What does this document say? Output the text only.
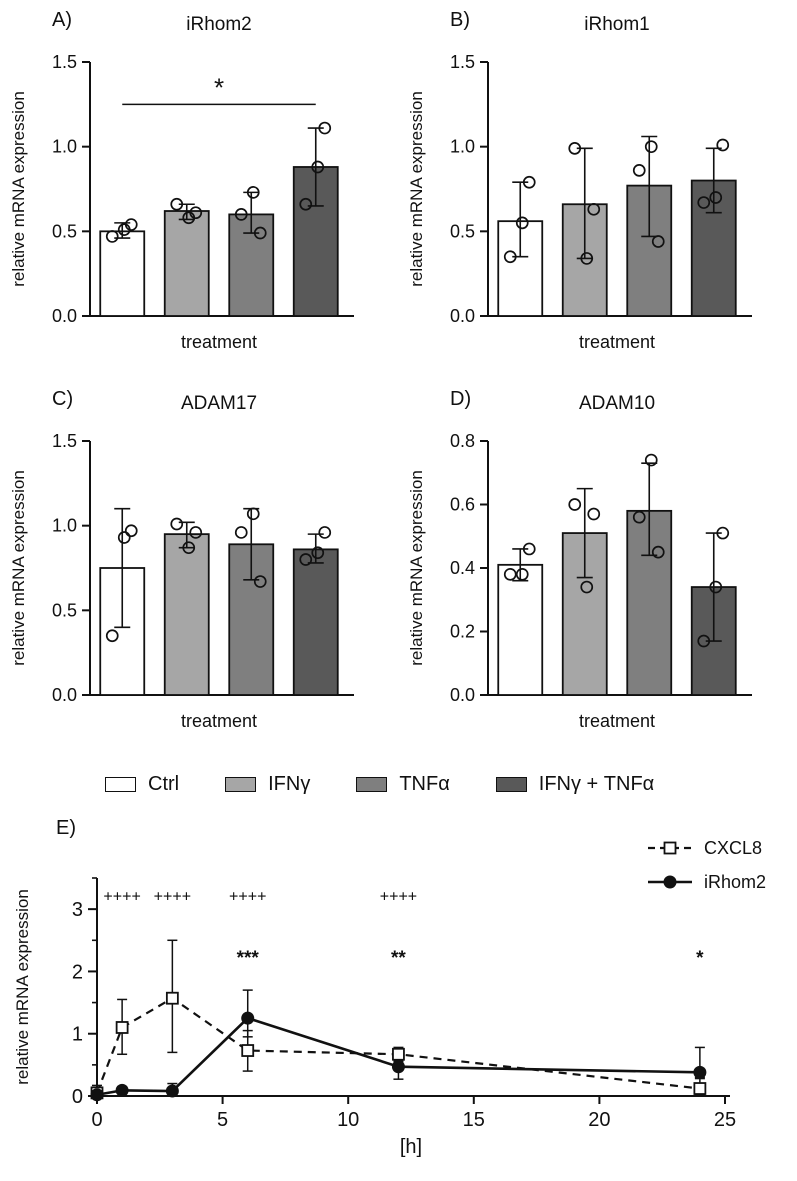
A)	iRhom2
0.0
0.5
1.0
1.5
relative mRNA expression
treatment
*
B)	iRhom1
0.0
0.5
1.0
1.5
relative mRNA expression
treatment
C)	ADAM17
0.0
0.5
1.0
1.5
relative mRNA expression
treatment
D)	ADAM10
0.0
0.2
0.4
0.6
0.8
relative mRNA expression
treatment
Ctrl	IFNγ	TNFα	IFNγ + TNFα
E)
0
1
2
3
0	5	10	15	20	25
[h]
relative mRNA expression	++++ ++++ ++++	++++
***	**	*
CXCL8
iRhom2
